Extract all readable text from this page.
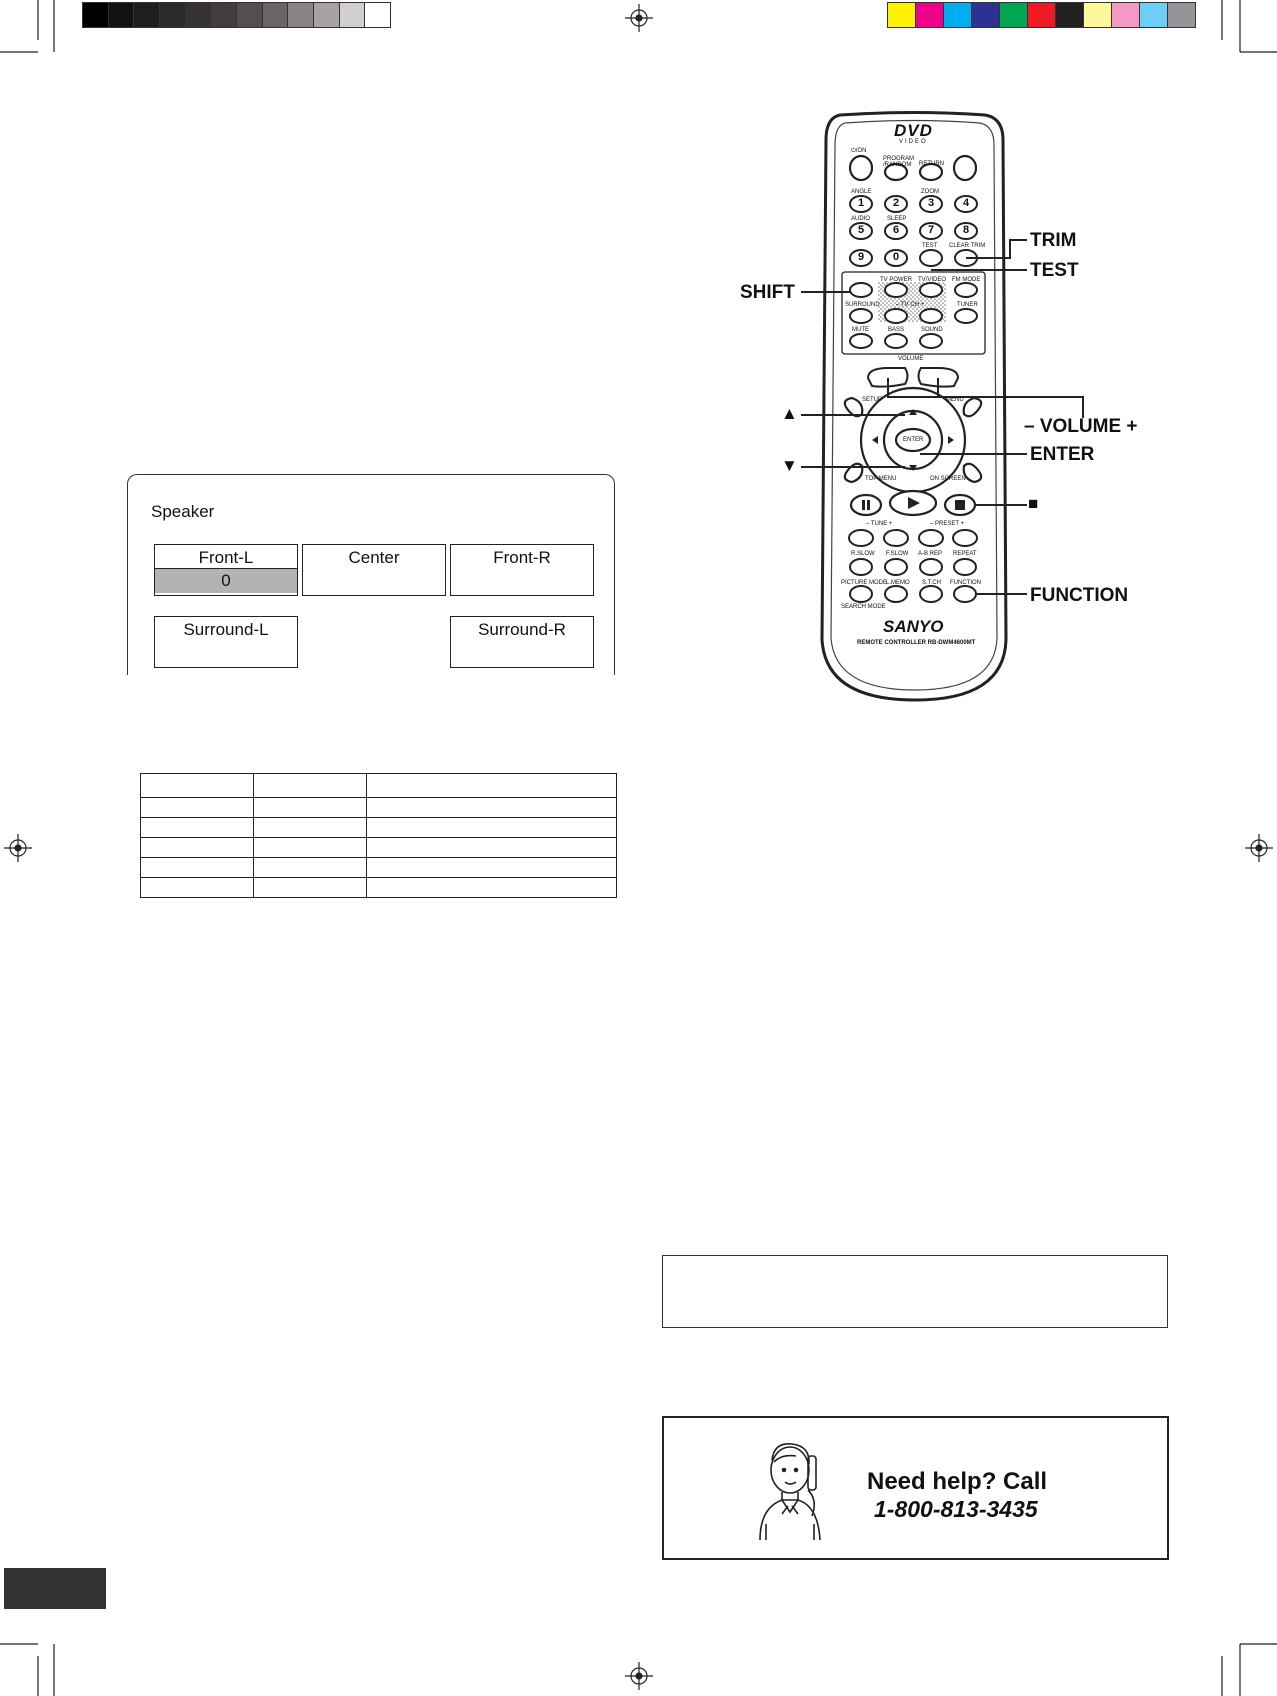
Speaker
Front-L
0
Center	Front-R
Surround-L	Surround-R

DVD
VIDEO
SANYO
REMOTE CONTROLLER RB-DWM4600MT
⏻/ON
PROGRAM /RANDOM RETURN
ANGLE	ZOOM
AUDIO	SLEEP
TEST CLEAR TRIM
TV POWER TV/VIDEO FM MODE
SURROUND	– TV CH +	TUNER
MUTE	BASS	SOUND
VOLUME
SETUP	MENU
ENTER
TOP MENU	ON SCREEN
– TUNE +	– PRESET +
R.SLOW F.SLOW A-B REP REPEAT
PICTURE MODE
L.MEMO S.T.CH FUNCTION
SEARCH MODE
1	2	3	4
5	6	7	8
9	0
TRIM
TEST
SHIFT
– VOLUME +
ENTER
FUNCTION
▲
▼
■
Need help? Call
1-800-813-3435
